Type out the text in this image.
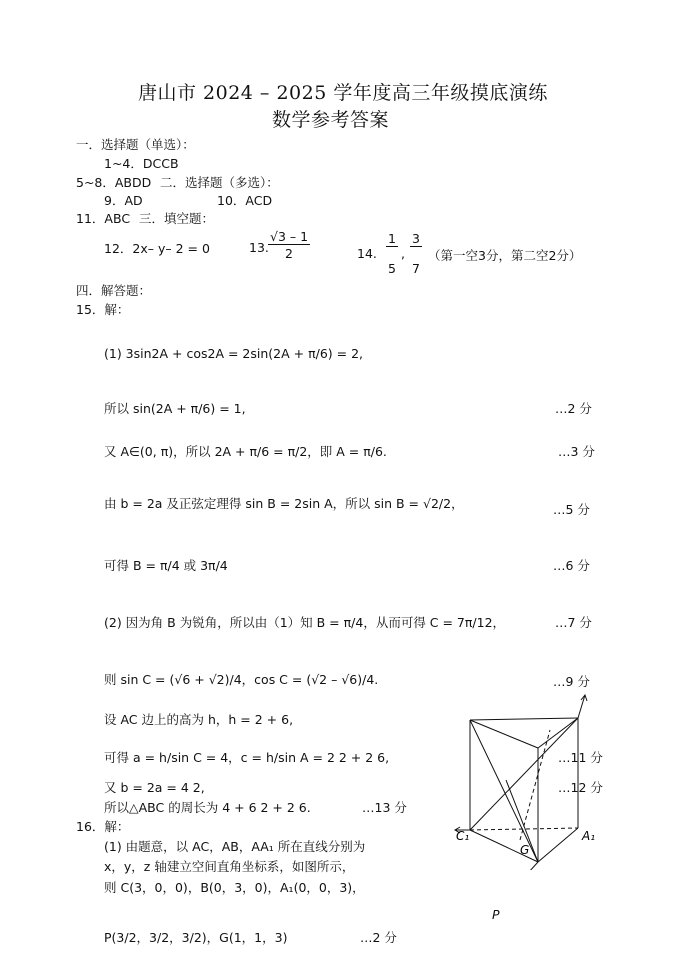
唐山市 2024 – 2025 学年度高三年级摸底演练
数学参考答案
一．选择题（单选）：
1~4．DCCB
5~8．ABDD 二．选择题（多选）：
9．AD	10．ACD
11．ABC 三．填空题：
12．2x– y– 2 = 0	13.
√3 – 1
2	14.
1
5
,
3
7
（第一空3分，第二空2分）
四．解答题：
15．解：
(1) 3sin2A + cos2A = 2sin(2A + π/6) = 2,
所以 sin(2A + π/6) = 1,
又 A∈(0, π)，所以 2A + π/6 = π/2，即 A = π/6.
由 b = 2a 及正弦定理得 sin B = 2sin A，所以 sin B = √2/2，
可得 B = π/4 或 3π/4
(2) 因为角 B 为锐角，所以由（1）知 B = π/4，从而可得 C = 7π/12，
则 sin C = (√6 + √2)/4，cos C = (√2 – √6)/4.
设 AC 边上的高为 h，h = 2 + 6,
可得 a = h/sin C = 4，c = h/sin A = 2 2 + 2 6,
又 b = 2a = 4 2,
所以△ABC 的周长为 4 + 6 2 + 2 6.
…2 分
…3 分
…5 分
…6 分
…7 分
…9 分
…11 分
…12 分
…13 分
16．解：
(1) 由题意，以 AC，AB，AA₁ 所在直线分别为
x，y，z 轴建立空间直角坐标系，如图所示，
则 C(3，0，0)，B(0，3，0)，A₁(0，0，3)，
P(3/2，3/2，3/2)，G(1，1，3)	…2 分
C₁	A₁
G
P
